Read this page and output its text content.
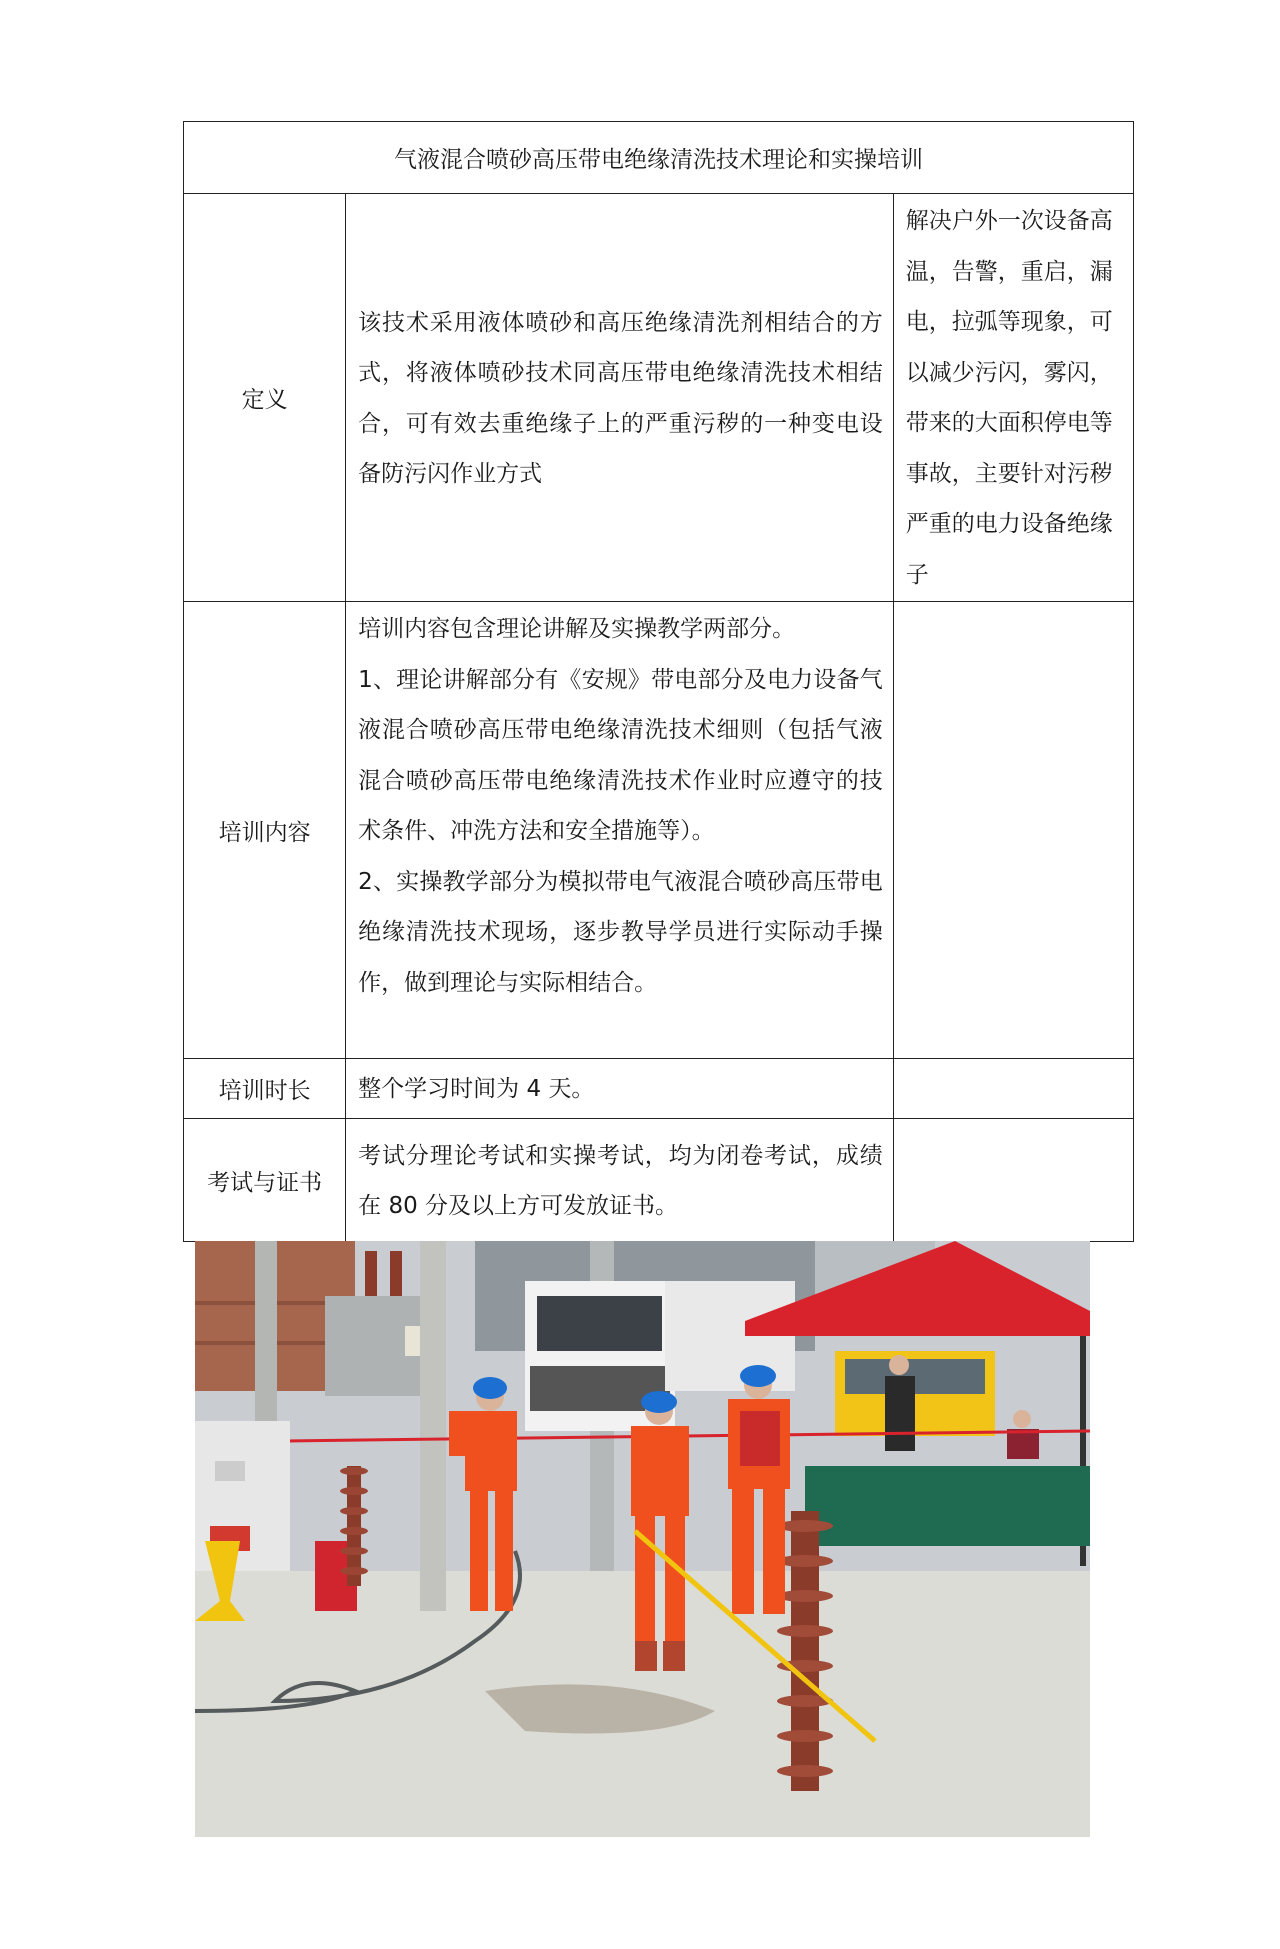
气液混合喷砂高压带电绝缘清洗技术理论和实操培训		
定义	该技术采用液体喷砂和高压绝缘清洗剂相结合的方式，将液体喷砂技术同高压带电绝缘清洗技术相结合，可有效去重绝缘子上的严重污秽的一种变电设备防污闪作业方式	解决户外一次设备高温，告警，重启，漏电，拉弧等现象，可以减少污闪，雾闪，带来的大面积停电等事故，主要针对污秽严重的电力设备绝缘子
培训内容	培训内容包含理论讲解及实操教学两部分。

1、理论讲解部分有《安规》带电部分及电力设备气液混合喷砂高压带电绝缘清洗技术细则（包括气液混合喷砂高压带电绝缘清洗技术作业时应遵守的技术条件、冲洗方法和安全措施等）。

2、实操教学部分为模拟带电气液混合喷砂高压带电绝缘清洗技术现场，逐步教导学员进行实际动手操作，做到理论与实际相结合。	

培训时长	整个学习时间为 4 天。	
考试与证书	考试分理论考试和实操考试，均为闭卷考试，成绩在 80 分及以上方可发放证书。	
